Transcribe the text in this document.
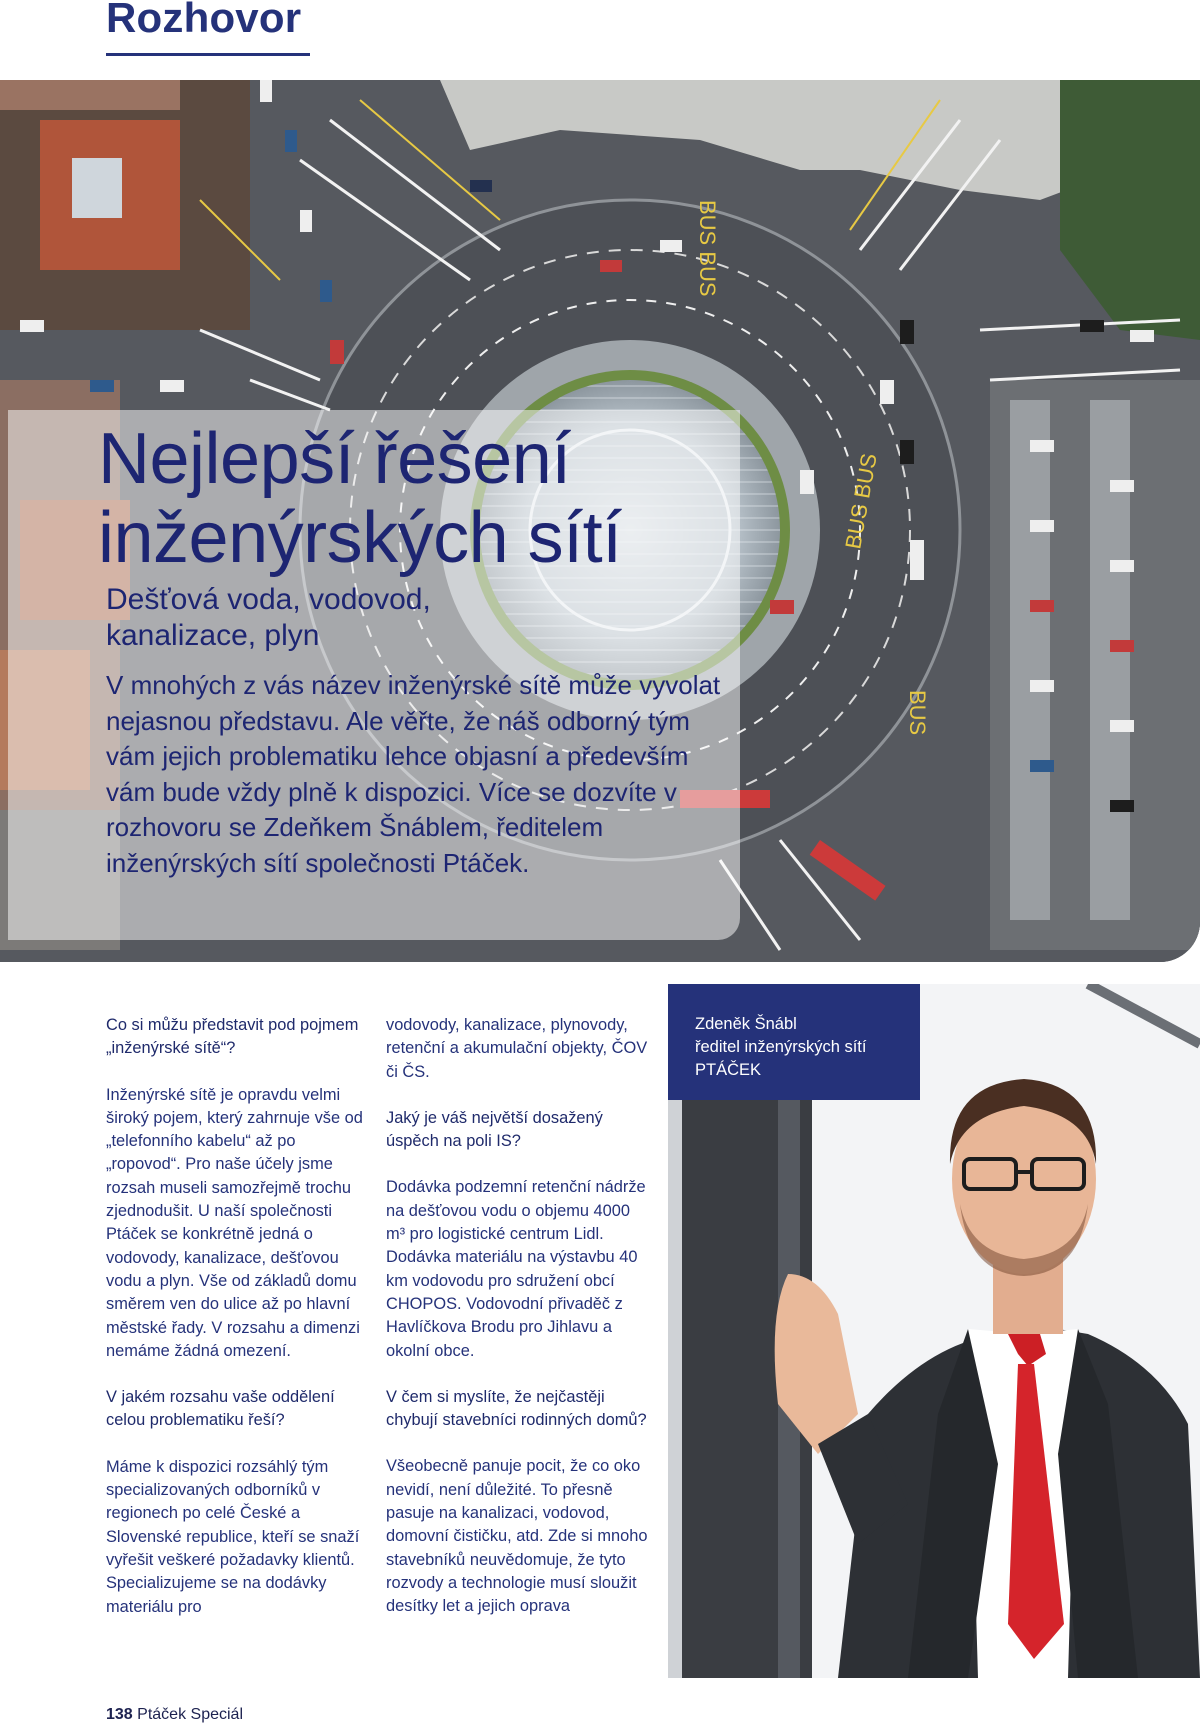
Rozhovor
BUS BUS
BUS BUS
BUS
Nejlepší řešení inženýrských sítí
Dešťová voda, vodovod, kanalizace, plyn
V mnohých z vás název inženýrské sítě může vyvolat nejasnou představu. Ale věřte, že náš odborný tým vám jejich problematiku lehce objasní a především vám bude vždy plně k dispozici. Více se dozvíte v rozhovoru se Zdeňkem Šnáblem, ředitelem inženýrských sítí společnosti Ptáček.

Co si můžu představit pod pojmem „inženýrské sítě“?

Inženýrské sítě je opravdu velmi široký pojem, který zahrnuje vše od „telefonního kabelu“ až po „ropovod“. Pro naše účely jsme rozsah museli samozřejmě trochu zjednodušit. U naší společnosti Ptáček se konkrétně jedná o vodovody, kanalizace, dešťovou vodu a plyn. Vše od základů domu směrem ven do ulice až po hlavní městské řady. V rozsahu a dimenzi nemáme žádná omezení.

V jakém rozsahu vaše oddělení celou problematiku řeší?

Máme k dispozici rozsáhlý tým specializovaných odborníků v regionech po celé České a Slovenské republice, kteří se snaží vyřešit veškeré požadavky klientů. Specializujeme se na dodávky materiálu pro

vodovody, kanalizace, plynovody, retenční a akumulační objekty, ČOV či ČS.

Jaký je váš největší dosažený úspěch na poli IS?

Dodávka podzemní retenční nádrže na dešťovou vodu o objemu 4000 m³ pro logistické centrum Lidl. Dodávka materiálu na výstavbu 40 km vodovodu pro sdružení obcí CHOPOS. Vodovodní přivaděč z Havlíčkova Brodu pro Jihlavu a okolní obce.

V čem si myslíte, že nejčastěji chybují stavebníci rodinných domů?

Všeobecně panuje pocit, že co oko nevidí, není důležité. To přesně pasuje na kanalizaci, vodovod, domovní čističku, atd. Zde si mnoho stavebníků neuvědomuje, že tyto rozvody a technologie musí sloužit desítky let a jejich oprava

Zdeněk Šnábl
ředitel inženýrských sítí
PTÁČEK
138 Ptáček Speciál
